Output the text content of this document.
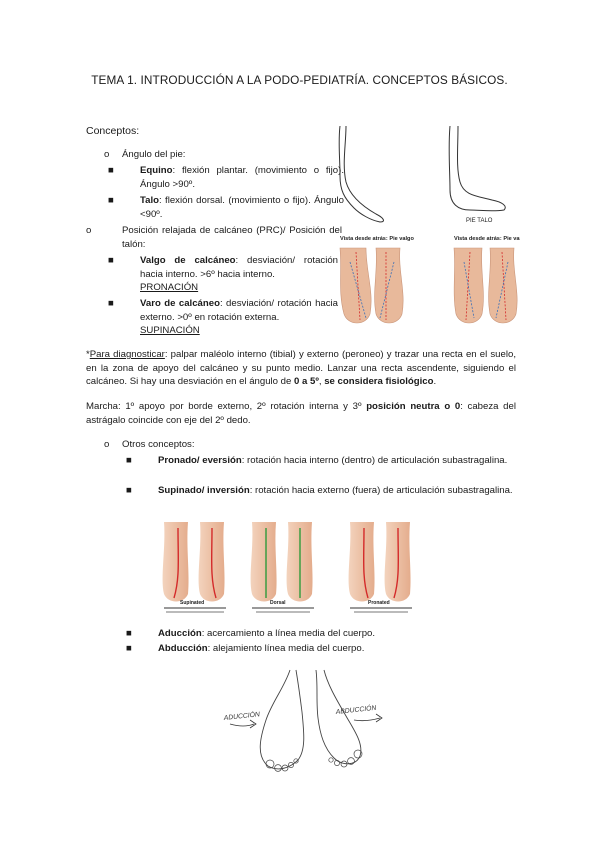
TEMA 1. INTRODUCCIÓN A LA PODO-PEDIATRÍA. CONCEPTOS BÁSICOS.
Conceptos:
o Ángulo del pie:
■	Equino: flexión plantar. (movimiento o fijo). Ángulo >90º.
■	Talo: flexión dorsal. (movimiento o fijo). Ángulo <90º.
o	Posición relajada de calcáneo (PRC)/ Posición del talón:
■	Valgo de calcáneo: desviación/ rotación hacia interno. >6º hacia interno.
PRONACIÓN
■	Varo de calcáneo: desviación/ rotación hacia externo. >0º en rotación externa.
SUPINACIÓN
PIE TALO
Vista desde atrás: Pie valgo	Vista desde atrás: Pie varo
*Para diagnosticar: palpar maléolo interno (tibial) y externo (peroneo) y trazar una recta en el suelo, en la zona de apoyo del calcáneo y su punto medio. Lanzar una recta ascendente, siguiendo el calcáneo. Si hay una desviación en el ángulo de 0 a 5º, se considera fisiológico.
Marcha: 1º apoyo por borde externo, 2º rotación interna y 3º posición neutra o 0: cabeza del astrágalo coincide con eje del 2º dedo.
o Otros conceptos:
■	Pronado/ eversión: rotación hacia interno (dentro) de articulación subastragalina.
■	Supinado/ inversión: rotación hacia externo (fuera) de articulación subastragalina.
Supinated	Dorsal	Pronated
■	Aducción: acercamiento a línea media del cuerpo.
■	Abducción: alejamiento línea media del cuerpo.
ADUCCIÓN
ABDUCCIÓN
